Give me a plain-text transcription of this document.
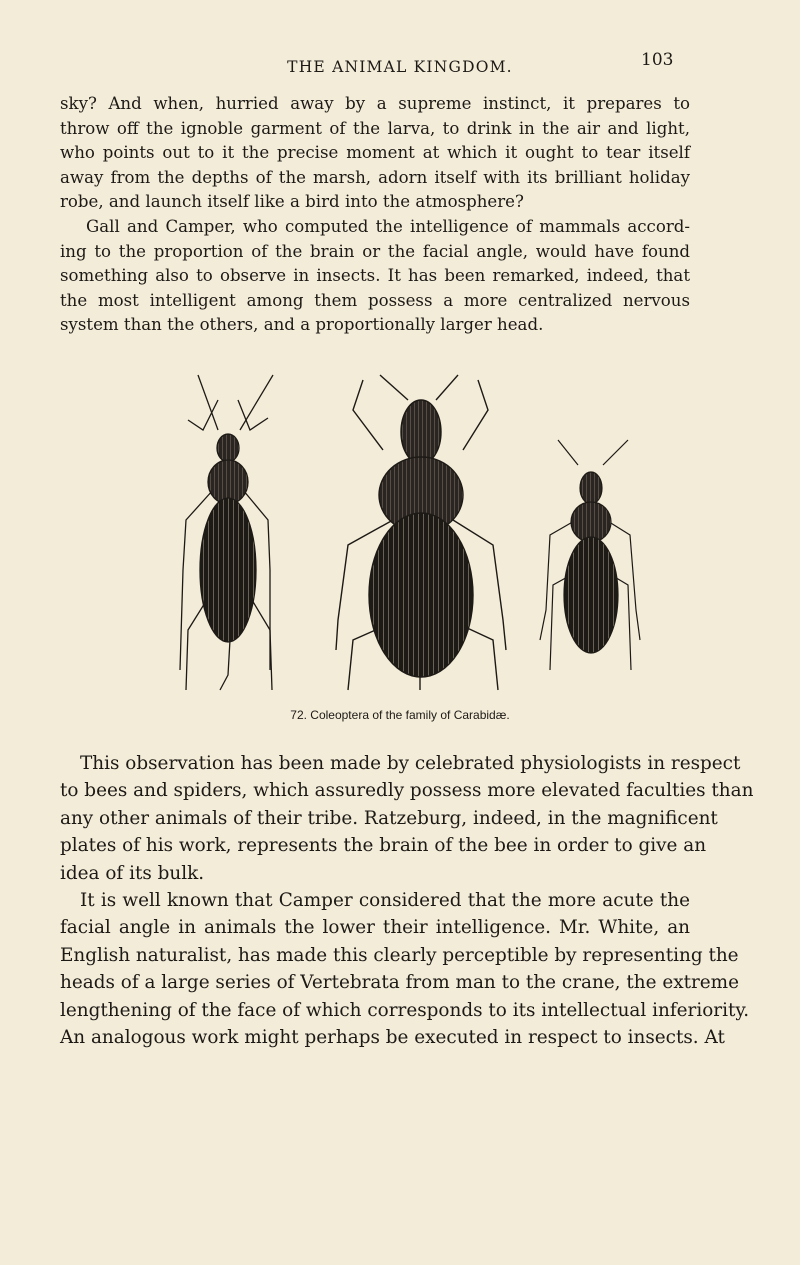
THE ANIMAL KINGDOM.	103
sky? And when, hurried away by a supreme instinct, it prepares to
throw off the ignoble garment of the larva, to drink in the air and light,
who points out to it the precise moment at which it ought to tear itself
away from the depths of the marsh, adorn itself with its brilliant holiday
robe, and launch itself like a bird into the atmosphere?
Gall and Camper, who computed the intelligence of mammals accord-
ing to the proportion of the brain or the facial angle, would have found
something also to observe in insects. It has been remarked, indeed, that
the most intelligent among them possess a more centralized nervous
system than the others, and a proportionally larger head.
72. Coleoptera of the family of Carabidæ.
This observation has been made by celebrated physiologists in respect
to bees and spiders, which assuredly possess more elevated faculties than
any other animals of their tribe. Ratzeburg, indeed, in the magnificent
plates of his work, represents the brain of the bee in order to give an
idea of its bulk.
It is well known that Camper considered that the more acute the
facial angle in animals the lower their intelligence. Mr. White, an
English naturalist, has made this clearly perceptible by representing the
heads of a large series of Vertebrata from man to the crane, the extreme
lengthening of the face of which corresponds to its intellectual inferiority.
An analogous work might perhaps be executed in respect to insects. At
